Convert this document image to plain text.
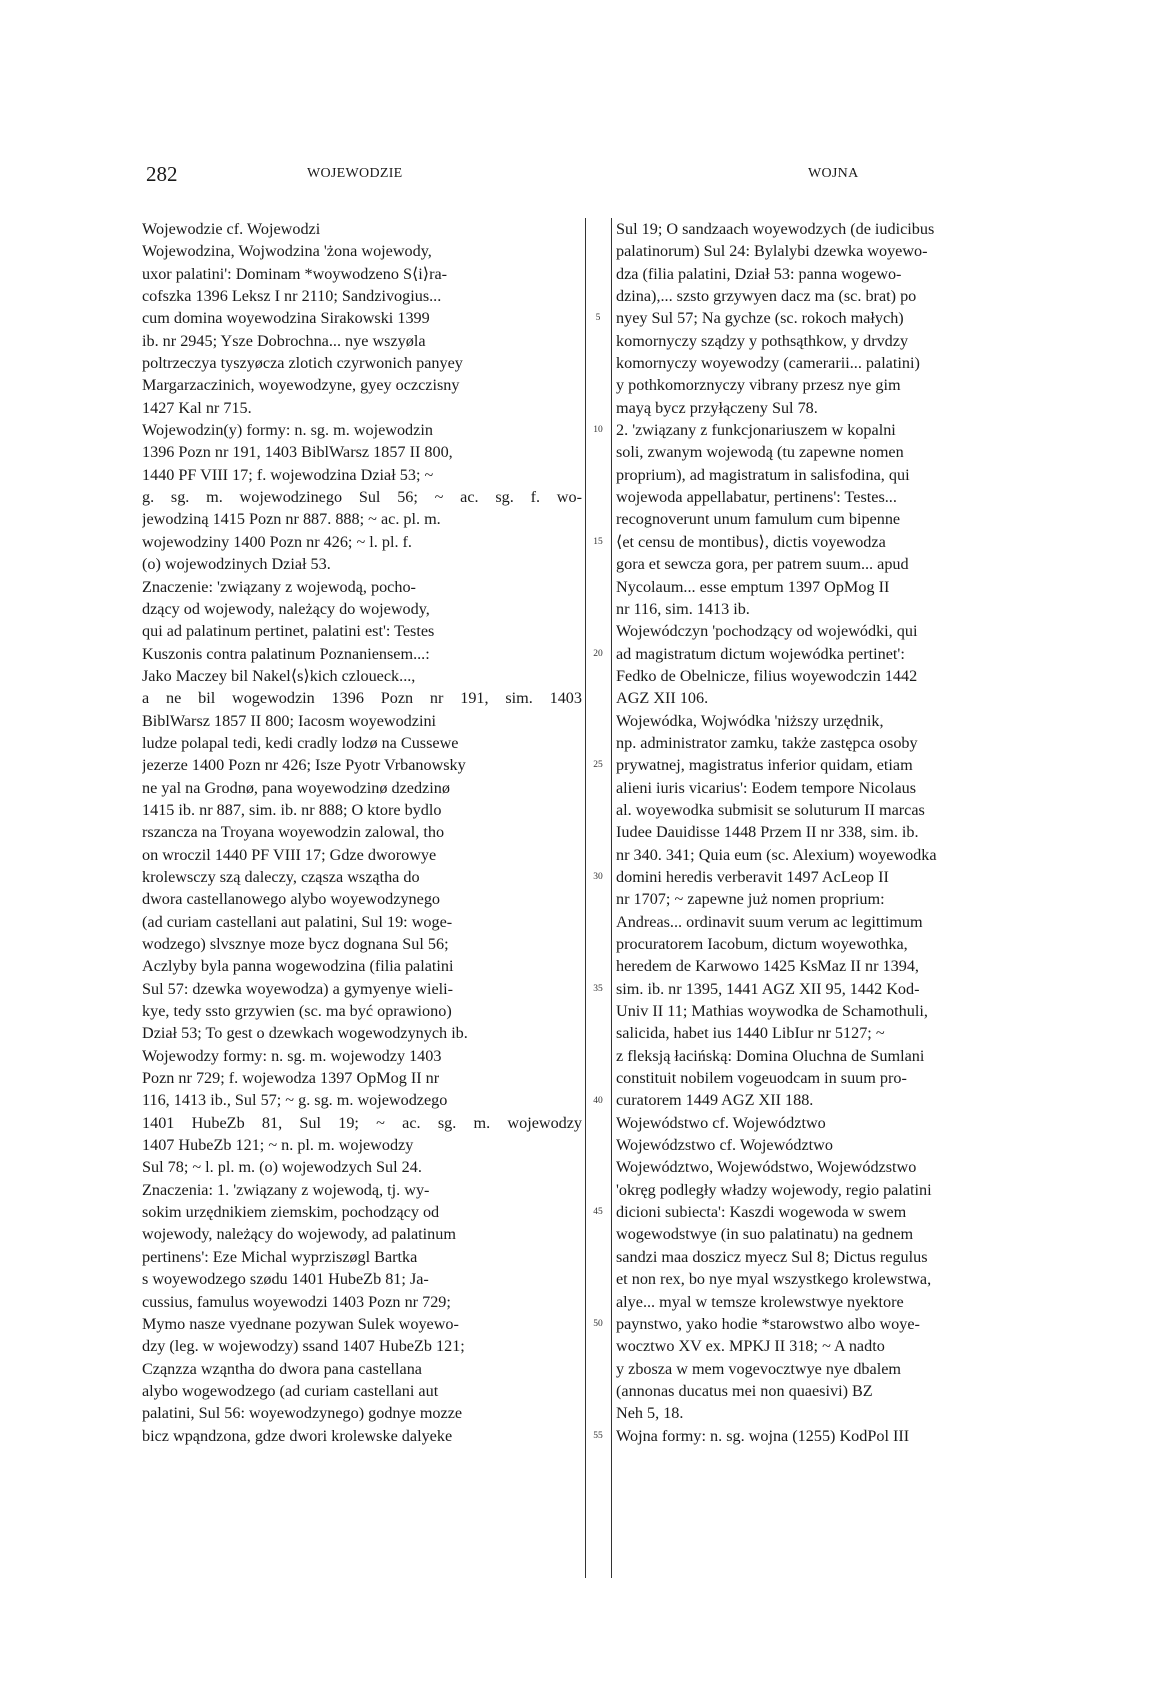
282	WOJEWODZIE	WOJNA
Wojewodzie cf. Wojewodzi
Wojewodzina, Wojwodzina 'żona wojewody,
uxor palatini': Dominam *woywodzeno S⟨i⟩ra-
cofszka 1396 Leksz I nr 2110; Sandzivogius...
cum domina woyewodzina Sirakowski 1399
ib. nr 2945; Ysze Dobrochna... nye wszyøla
poltrzeczya tyszyøcza zlotich czyrwonich panyey
Margarzaczinich, woyewodzyne, gyey oczczisny
1427 Kal nr 715.
Wojewodzin(y) formy: n. sg. m. wojewodzin
1396 Pozn nr 191, 1403 BiblWarsz 1857 II 800,
1440 PF VIII 17; f. wojewodzina Dział 53; ~
g. sg. m. wojewodzinego Sul 56; ~ ac. sg. f. wo-
jewodziną 1415 Pozn nr 887. 888; ~ ac. pl. m.
wojewodziny 1400 Pozn nr 426; ~ l. pl. f.
(o) wojewodzinych Dział 53.
Znaczenie: 'związany z wojewodą, pocho-
dzący od wojewody, należący do wojewody,
qui ad palatinum pertinet, palatini est': Testes
Kuszonis contra palatinum Poznaniensem...:
Jako Maczey bil Nakel⟨s⟩kich czloueck...,
a ne bil wogewodzin 1396 Pozn nr 191, sim. 1403
BiblWarsz 1857 II 800; Iacosm woyewodzini
ludze polapal tedi, kedi cradly lodzø na Cussewe
jezerze 1400 Pozn nr 426; Isze Pyotr Vrbanowsky
ne yal na Grodnø, pana woyewodzinø dzedzinø
1415 ib. nr 887, sim. ib. nr 888; O ktore bydlo
rszancza na Troyana woyewodzin zalowal, tho
on wroczil 1440 PF VIII 17; Gdze dworowye
krolewsczy szą daleczy, cząsza wszątha do
dwora castellanowego alybo woyewodzynego
(ad curiam castellani aut palatini, Sul 19: woge-
wodzego) slvsznye moze bycz dognana Sul 56;
Aczlyby byla panna wogewodzina (filia palatini
Sul 57: dzewka woyewodza) a gymyenye wieli-
kye, tedy ssto grzywien (sc. ma być oprawiono)
Dział 53; To gest o dzewkach wogewodzynych ib.
Wojewodzy formy: n. sg. m. wojewodzy 1403
Pozn nr 729; f. wojewodza 1397 OpMog II nr
116, 1413 ib., Sul 57; ~ g. sg. m. wojewodzego
1401 HubeZb 81, Sul 19; ~ ac. sg. m. wojewodzy
1407 HubeZb 121; ~ n. pl. m. wojewodzy
Sul 78; ~ l. pl. m. (o) wojewodzych Sul 24.
Znaczenia: 1. 'związany z wojewodą, tj. wy-
sokim urzędnikiem ziemskim, pochodzący od
wojewody, należący do wojewody, ad palatinum
pertinens': Eze Michal wyprziszøgl Bartka
s woyewodzego szødu 1401 HubeZb 81; Ja-
cussius, famulus woyewodzi 1403 Pozn nr 729;
Mymo nasze vyednane pozywan Sulek woyewo-
dzy (leg. w wojewodzy) ssand 1407 HubeZb 121;
Cząnzza wząntha do dwora pana castellana
alybo wogewodzego (ad curiam castellani aut
palatini, Sul 56: woyewodzynego) godnye mozze
bicz wpąndzona, gdze dwori krolewske dalyeke
5
10
15
20
25
30
35
40
45
50
55
Sul 19; O sandzaach woyewodzych (de iudicibus
palatinorum) Sul 24: Bylalybi dzewka woyewo-
dza (filia palatini, Dział 53: panna wogewo-
dzina),... szsto grzywyen dacz ma (sc. brat) po
nyey Sul 57; Na gychze (sc. rokoch małych)
komornyczy sządzy y pothsąthkow, y drvdzy
komornyczy woyewodzy (camerarii... palatini)
y pothkomorznyczy vibrany przesz nye gim
mayą bycz przyłączeny Sul 78.
2. 'związany z funkcjonariuszem w kopalni
soli, zwanym wojewodą (tu zapewne nomen
proprium), ad magistratum in salisfodina, qui
wojewoda appellabatur, pertinens': Testes...
recognoverunt unum famulum cum bipenne
⟨et censu de montibus⟩, dictis voyewodza
gora et sewcza gora, per patrem suum... apud
Nycolaum... esse emptum 1397 OpMog II
nr 116, sim. 1413 ib.
Wojewódczyn 'pochodzący od wojewódki, qui
ad magistratum dictum wojewódka pertinet':
Fedko de Obelnicze, filius woyewodczin 1442
AGZ XII 106.
Wojewódka, Wojwódka 'niższy urzędnik,
np. administrator zamku, także zastępca osoby
prywatnej, magistratus inferior quidam, etiam
alieni iuris vicarius': Eodem tempore Nicolaus
al. woyewodka submisit se soluturum II marcas
Iudee Dauidisse 1448 Przem II nr 338, sim. ib.
nr 340. 341; Quia eum (sc. Alexium) woyewodka
domini heredis verberavit 1497 AcLeop II
nr 1707; ~ zapewne już nomen proprium:
Andreas... ordinavit suum verum ac legittimum
procuratorem Iacobum, dictum woyewothka,
heredem de Karwowo 1425 KsMaz II nr 1394,
sim. ib. nr 1395, 1441 AGZ XII 95, 1442 Kod-
Univ II 11; Mathias woywodka de Schamothuli,
salicida, habet ius 1440 LibIur nr 5127; ~
z fleksją łacińską: Domina Oluchna de Sumlani
constituit nobilem vogeuodcam in suum pro-
curatorem 1449 AGZ XII 188.
Wojewódstwo cf. Województwo
Wojewódzstwo cf. Województwo
Województwo, Wojewódstwo, Wojewódzstwo
'okręg podległy władzy wojewody, regio palatini
dicioni subiecta': Kaszdi wogewoda w swem
wogewodstwye (in suo palatinatu) na gednem
sandzi maa doszicz myecz Sul 8; Dictus regulus
et non rex, bo nye myal wszystkego krolewstwa,
alye... myal w temsze krolewstwye nyektore
paynstwo, yako hodie *starowstwo albo woye-
wocztwo XV ex. MPKJ II 318; ~ A nadto
y zbosza w mem vogevocztwye nye dbalem
(annonas ducatus mei non quaesivi) BZ
Neh 5, 18.
Wojna formy: n. sg. wojna (1255) KodPol III
